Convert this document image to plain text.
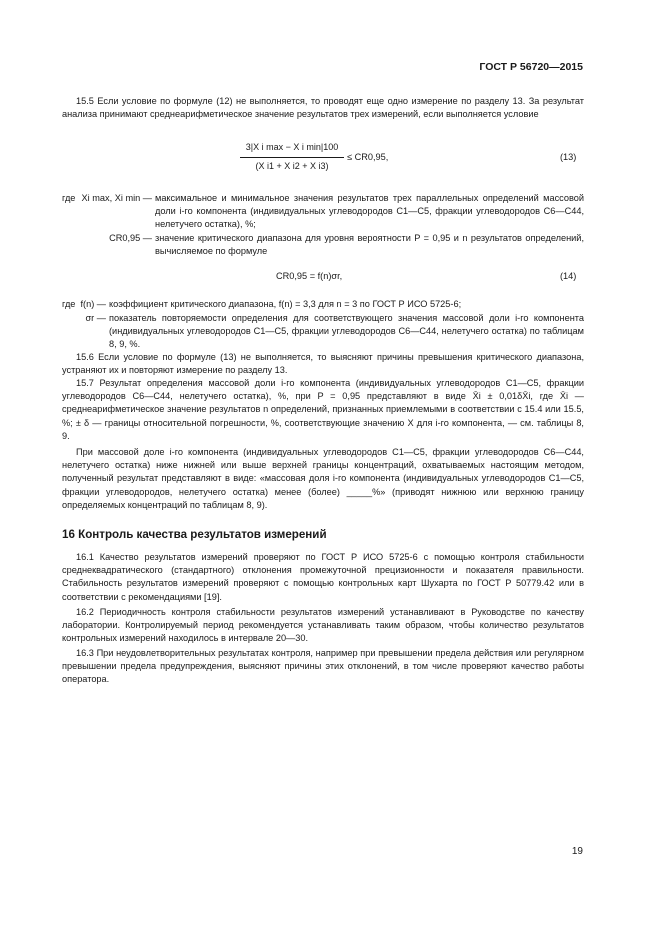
ГОСТ Р 56720—2015
15.5 Если условие по формуле (12) не выполняется, то проводят еще одно измерение по разделу 13. За результат анализа принимают среднеарифметическое значение результатов трех измерений, если выполняется условие
3|X i max − X i min|100
(X i1 + X i2 + X i3)
≤ CR0,95,	(13)
где Xi max, Xi min — максимальное и минимальное значения результатов трех параллельных определений массовой доли i-го компонента (индивидуальных углеводородов C1—C5, фракции углеводородов C6—C44, нелетучего остатка), %;
CR0,95 — значение критического диапазона для уровня вероятности P = 0,95 и n результатов определений, вычисляемое по формуле
CR0,95 = f(n)σr,	(14)
где f(n) — коэффициент критического диапазона, f(n) = 3,3 для n = 3 по ГОСТ Р ИСО 5725-6;
σr — показатель повторяемости определения для соответствующего значения массовой доли i-го компонента (индивидуальных углеводородов C1—C5, фракции углеводородов C6—C44, нелетучего остатка) по таблицам 8, 9, %.
15.6 Если условие по формуле (13) не выполняется, то выясняют причины превышения критического диапазона, устраняют их и повторяют измерение по разделу 13.
15.7 Результат определения массовой доли i-го компонента (индивидуальных углеводородов C1—C5, фракции углеводородов C6—C44, нелетучего остатка), %, при P = 0,95 представляют в виде X̄i ± 0,01δX̄i, где X̄i — среднеарифметическое значение результатов n определений, признанных приемлемыми в соответствии с 15.4 или 15.5, %; ± δ — границы относительной погрешности, %, соответствующие значению X для i-го компонента, — см. таблицы 8, 9.
При массовой доле i-го компонента (индивидуальных углеводородов C1—C5, фракции углеводородов C6—C44, нелетучего остатка) ниже нижней или выше верхней границы концентраций, охватываемых настоящим методом, полученный результат представляют в виде: «массовая доля i-го компонента (индивидуальных углеводородов C1—C5, фракции углеводородов, нелетучего остатка) менее (более) _____%» (приводят нижнюю или верхнюю границу определяемых концентраций по таблицам 8, 9).
16 Контроль качества результатов измерений
16.1 Качество результатов измерений проверяют по ГОСТ Р ИСО 5725-6 с помощью контроля стабильности среднеквадратического (стандартного) отклонения промежуточной прецизионности и показателя правильности. Стабильность результатов измерений проверяют с помощью контрольных карт Шухарта по ГОСТ Р 50779.42 или в соответствии с рекомендациями [19].
16.2 Периодичность контроля стабильности результатов измерений устанавливают в Руководстве по качеству лаборатории. Контролируемый период рекомендуется устанавливать таким образом, чтобы количество результатов контрольных измерений находилось в интервале 20—30.
16.3 При неудовлетворительных результатах контроля, например при превышении предела действия или регулярном превышении предела предупреждения, выясняют причины этих отклонений, в том числе проверяют качество работы оператора.
19
